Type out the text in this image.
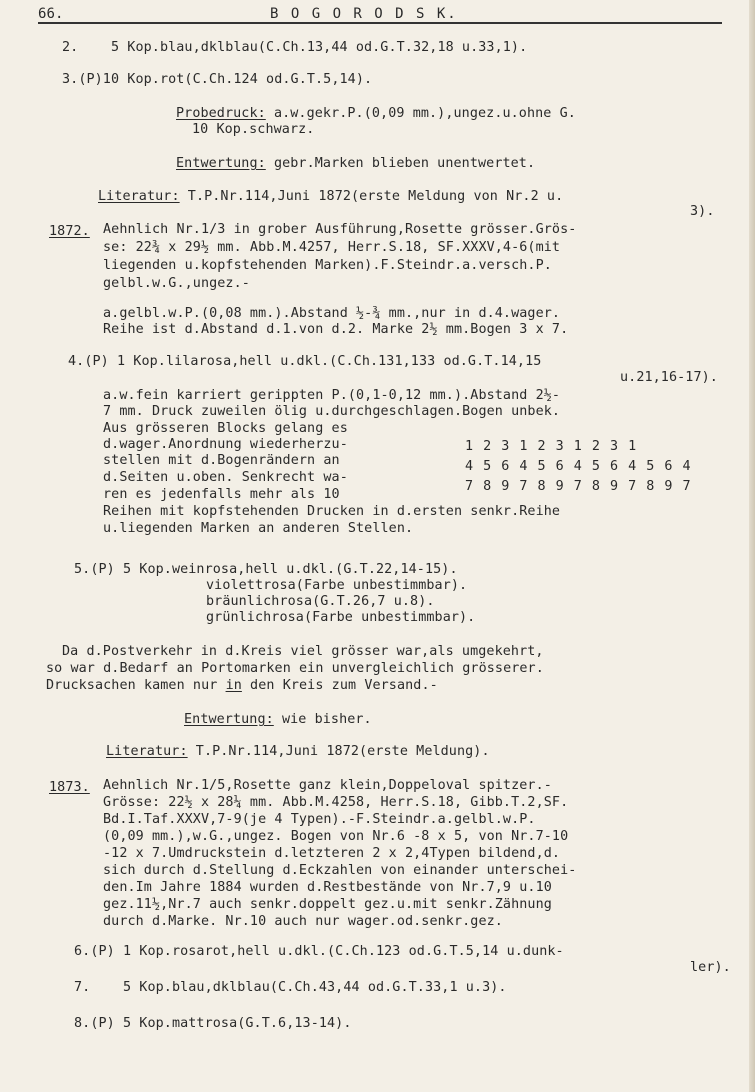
66.	B O G O R O D S K.
2.    5 Kop.blau,dklblau(C.Ch.13,44 od.G.T.32,18 u.33,1).
3.(P)10 Kop.rot(C.Ch.124 od.G.T.5,14).
Probedruck: a.w.gekr.P.(0,09 mm.),ungez.u.ohne G.
10 Kop.schwarz.
Entwertung: gebr.Marken blieben unentwertet.
Literatur: T.P.Nr.114,Juni 1872(erste Meldung von Nr.2 u.
3).
1872. Aehnlich Nr.1/3 in grober Ausführung,Rosette grösser.Grös-
se: 22¾ x 29½ mm. Abb.M.4257, Herr.S.18, SF.XXXV,4-6(mit
liegenden u.kopfstehenden Marken).F.Steindr.a.versch.P.
gelbl.w.G.,ungez.-
a.gelbl.w.P.(0,08 mm.).Abstand ½-¾ mm.,nur in d.4.wager.
Reihe ist d.Abstand d.1.von d.2. Marke 2½ mm.Bogen 3 x 7.
4.(P) 1 Kop.lilarosa,hell u.dkl.(C.Ch.131,133 od.G.T.14,15
u.21,16-17).
a.w.fein karriert gerippten P.(0,1-0,12 mm.).Abstand 2½-
7 mm. Druck zuweilen ölig u.durchgeschlagen.Bogen unbek.
Aus grösseren Blocks gelang es
d.wager.Anordnung wiederherzu-
stellen mit d.Bogenrändern an
d.Seiten u.oben. Senkrecht wa-
ren es jedenfalls mehr als 10
Reihen mit kopfstehenden Drucken in d.ersten senkr.Reihe
u.liegenden Marken an anderen Stellen.
1 2 3 1 2 3 1 2 3 1
4 5 6 4 5 6 4 5 6 4 5 6 4
7 8 9 7 8 9 7 8 9 7 8 9 7
5.(P) 5 Kop.weinrosa,hell u.dkl.(G.T.22,14-15).
violettrosa(Farbe unbestimmbar).
bräunlichrosa(G.T.26,7 u.8).
grünlichrosa(Farbe unbestimmbar).
Da d.Postverkehr in d.Kreis viel grösser war,als umgekehrt,
so war d.Bedarf an Portomarken ein unvergleichlich grösserer.
Drucksachen kamen nur in den Kreis zum Versand.-
Entwertung: wie bisher.
Literatur: T.P.Nr.114,Juni 1872(erste Meldung).
1873. Aehnlich Nr.1/5,Rosette ganz klein,Doppeloval spitzer.-
Grösse: 22½ x 28¼ mm. Abb.M.4258, Herr.S.18, Gibb.T.2,SF.
Bd.I.Taf.XXXV,7-9(je 4 Typen).-F.Steindr.a.gelbl.w.P.
(0,09 mm.),w.G.,ungez. Bogen von Nr.6 -8 x 5, von Nr.7-10
-12 x 7.Umdruckstein d.letzteren 2 x 2,4Typen bildend,d.
sich durch d.Stellung d.Eckzahlen von einander unterschei-
den.Im Jahre 1884 wurden d.Restbestände von Nr.7,9 u.10
gez.11½,Nr.7 auch senkr.doppelt gez.u.mit senkr.Zähnung
durch d.Marke. Nr.10 auch nur wager.od.senkr.gez.
6.(P) 1 Kop.rosarot,hell u.dkl.(C.Ch.123 od.G.T.5,14 u.dunk-
ler).
7.    5 Kop.blau,dklblau(C.Ch.43,44 od.G.T.33,1 u.3).
8.(P) 5 Kop.mattrosa(G.T.6,13-14).
